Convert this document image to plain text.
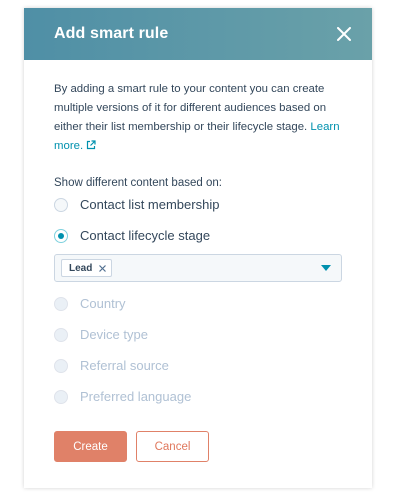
Add smart rule

By adding a smart rule to your content you can create multiple versions of it for different audiences based on either their list membership or their lifecycle stage. Learn more.

Show different content based on:
Contact list membership
Contact lifecycle stage
Lead
Country
Device type
Referral source
Preferred language
Create	Cancel
